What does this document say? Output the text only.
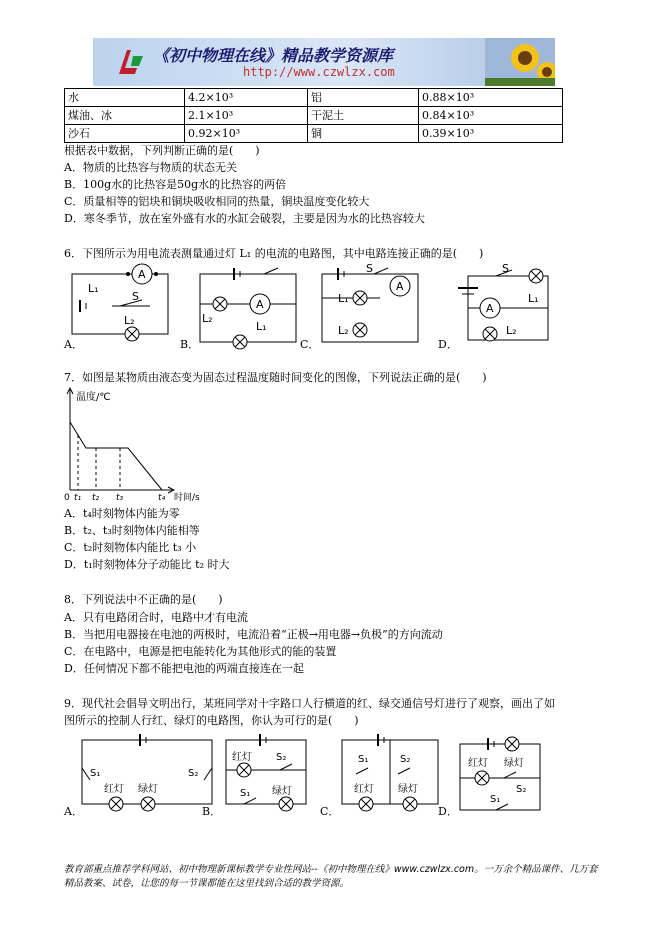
《初中物理在线》精品教学资源库
http://www.czwlzx.com
水	4.2×10³	铝	0.88×10³
煤油、冰	2.1×10³	干泥土	0.84×10³
沙石	0.92×10³	铜	0.39×10³
根据表中数据，下列判断正确的是(　　)
A．物质的比热容与物质的状态无关
B．100g水的比热容是50g水的比热容的两倍
C．质量相等的铝块和铜块吸收相同的热量，铜块温度变化较大
D．寒冬季节，放在室外盛有水的水缸会破裂，主要是因为水的比热容较大
6．下图所示为用电流表测量通过灯 L₁ 的电流的电路图，其中电路连接正确的是(　　)
A
A
A
A
S
L₁
L₂	L₂
L₁
L₁
L₂
S	S
L₁
L₂
A．	B．	C．	D．
7．如图是某物质由液态变为固态过程温度随时间变化的图像，下列说法正确的是(　　)
温度/℃
时间/s
0 t₁ t₂ t₃	t₄
A．t₄时刻物体内能为零
B．t₂、t₃时刻物体内能相等
C．t₂时刻物体内能比 t₃ 小
D．t₁时刻物体分子动能比 t₂ 时大
8．下列说法中不正确的是(　　)
A．只有电路闭合时，电路中才有电流
B．当把用电器接在电池的两极时，电流沿着“正极→用电器→负极”的方向流动
C．在电路中，电源是把电能转化为其他形式的能的装置
D．任何情况下都不能把电池的两端直接连在一起
9．现代社会倡导文明出行，某班同学对十字路口人行横道的红、绿交通信号灯进行了观察，画出了如
图所示的控制人行红、绿灯的电路图，你认为可行的是(　　)
S₁	S₂
红灯 绿灯
红灯 S₂
S₁ 绿灯
S₁	S₂
红灯 绿灯
红灯 绿灯
S₂
S₁
A．	B．	C．	D．
教育部重点推荐学科网站、初中物理新课标教学专业性网站--《初中物理在线》www.czwlzx.com。一万余个精品课件、几万套精品教案、试卷，让您的每一节课都能在这里找到合适的教学资源。
